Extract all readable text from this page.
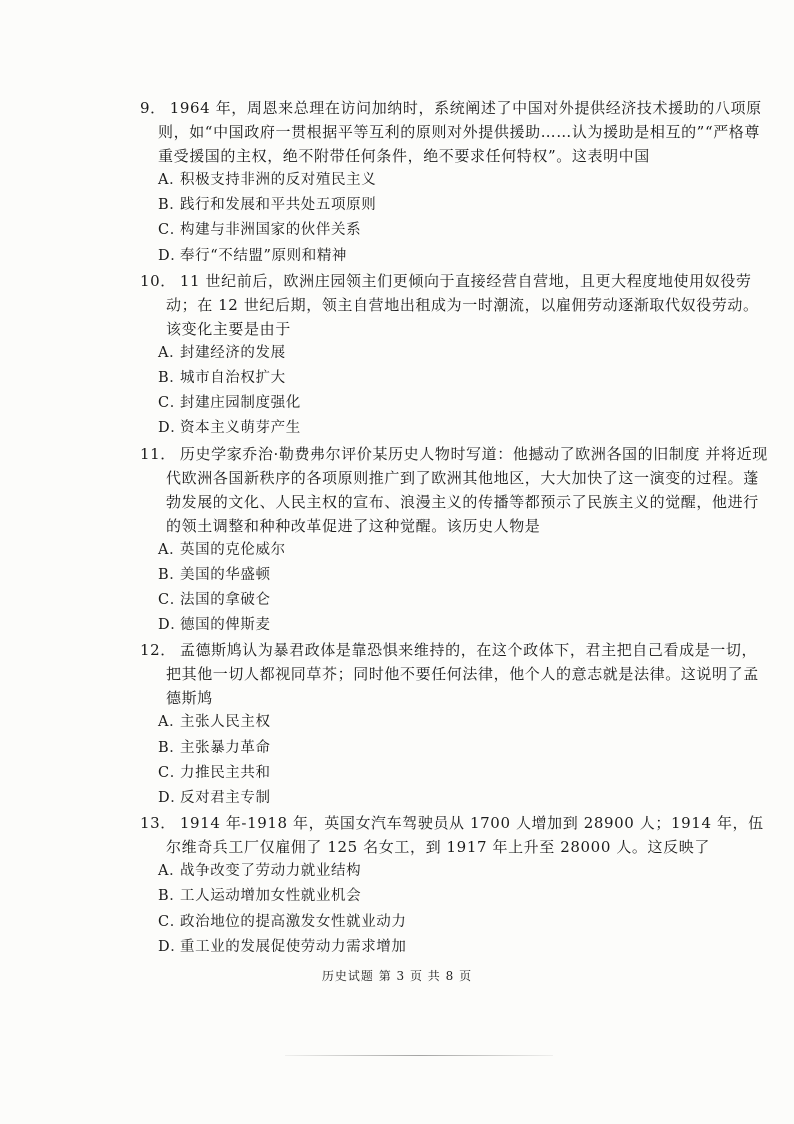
9． 1964 年，周恩来总理在访问加纳时，系统阐述了中国对外提供经济技术援助的八项原则，如“中国政府一贯根据平等互利的原则对外提供援助……认为援助是相互的”“严格尊重受援国的主权，绝不附带任何条件，绝不要求任何特权”。这表明中国

A．积极支持非洲的反对殖民主义
B．践行和发展和平共处五项原则
C．构建与非洲国家的伙伴关系
D．奉行“不结盟”原则和精神

10． 11 世纪前后，欧洲庄园领主们更倾向于直接经营自营地，且更大程度地使用奴役劳动；在 12 世纪后期，领主自营地出租成为一时潮流，以雇佣劳动逐渐取代奴役劳动。该变化主要是由于

A．封建经济的发展
B．城市自治权扩大
C．封建庄园制度强化
D．资本主义萌芽产生

11． 历史学家乔治·勒费弗尔评价某历史人物时写道：他撼动了欧洲各国的旧制度 并将近现代欧洲各国新秩序的各项原则推广到了欧洲其他地区，大大加快了这一演变的过程。蓬勃发展的文化、人民主权的宣布、浪漫主义的传播等都预示了民族主义的觉醒，他进行的领土调整和种种改革促进了这种觉醒。该历史人物是

A．英国的克伦威尔
B．美国的华盛顿
C．法国的拿破仑
D．德国的俾斯麦

12． 孟德斯鸠认为暴君政体是靠恐惧来维持的，在这个政体下，君主把自己看成是一切，把其他一切人都视同草芥；同时他不要任何法律，他个人的意志就是法律。这说明了孟德斯鸠

A．主张人民主权
B．主张暴力革命
C．力推民主共和
D．反对君主专制

13． 1914 年-1918 年，英国女汽车驾驶员从 1700 人增加到 28900 人；1914 年，伍尔维奇兵工厂仅雇佣了 125 名女工，到 1917 年上升至 28000 人。这反映了

A．战争改变了劳动力就业结构
B．工人运动增加女性就业机会
C．政治地位的提高激发女性就业动力
D．重工业的发展促使劳动力需求增加
历史试题 第 3 页 共 8 页
